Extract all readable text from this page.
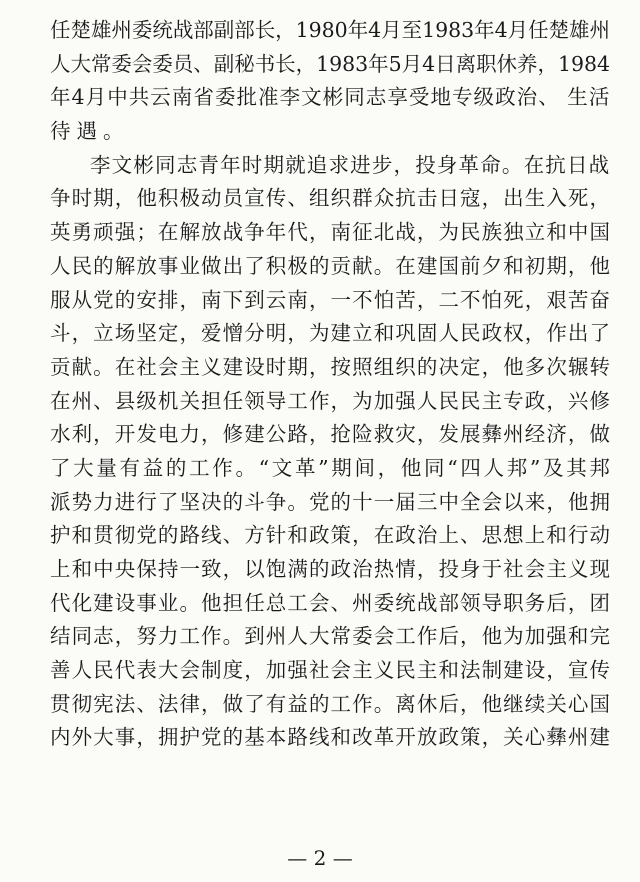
任楚雄州委统战部副部长，1980年4月至1983年4月任楚雄州
人大常委会委员、副秘书长，1983年5月4日离职休养，1984
年4月中共云南省委批准李文彬同志享受地专级政治、 生活
待遇。
李文彬同志青年时期就追求进步，投身革命。在抗日战
争时期，他积极动员宣传、组织群众抗击日寇，出生入死，
英勇顽强；在解放战争年代，南征北战，为民族独立和中国
人民的解放事业做出了积极的贡献。在建国前夕和初期，他
服从党的安排，南下到云南，一不怕苦，二不怕死，艰苦奋
斗，立场坚定，爱憎分明，为建立和巩固人民政权，作出了
贡献。在社会主义建设时期，按照组织的决定，他多次辗转
在州、县级机关担任领导工作，为加强人民民主专政，兴修
水利，开发电力，修建公路，抢险救灾，发展彝州经济，做
了大量有益的工作。“文革”期间，他同“四人邦”及其邦
派势力进行了坚决的斗争。党的十一届三中全会以来，他拥
护和贯彻党的路线、方针和政策，在政治上、思想上和行动
上和中央保持一致，以饱满的政治热情，投身于社会主义现
代化建设事业。他担任总工会、州委统战部领导职务后，团
结同志，努力工作。到州人大常委会工作后，他为加强和完
善人民代表大会制度，加强社会主义民主和法制建设，宣传
贯彻宪法、法律，做了有益的工作。离休后，他继续关心国
内外大事，拥护党的基本路线和改革开放政策，关心彝州建
— 2 —
